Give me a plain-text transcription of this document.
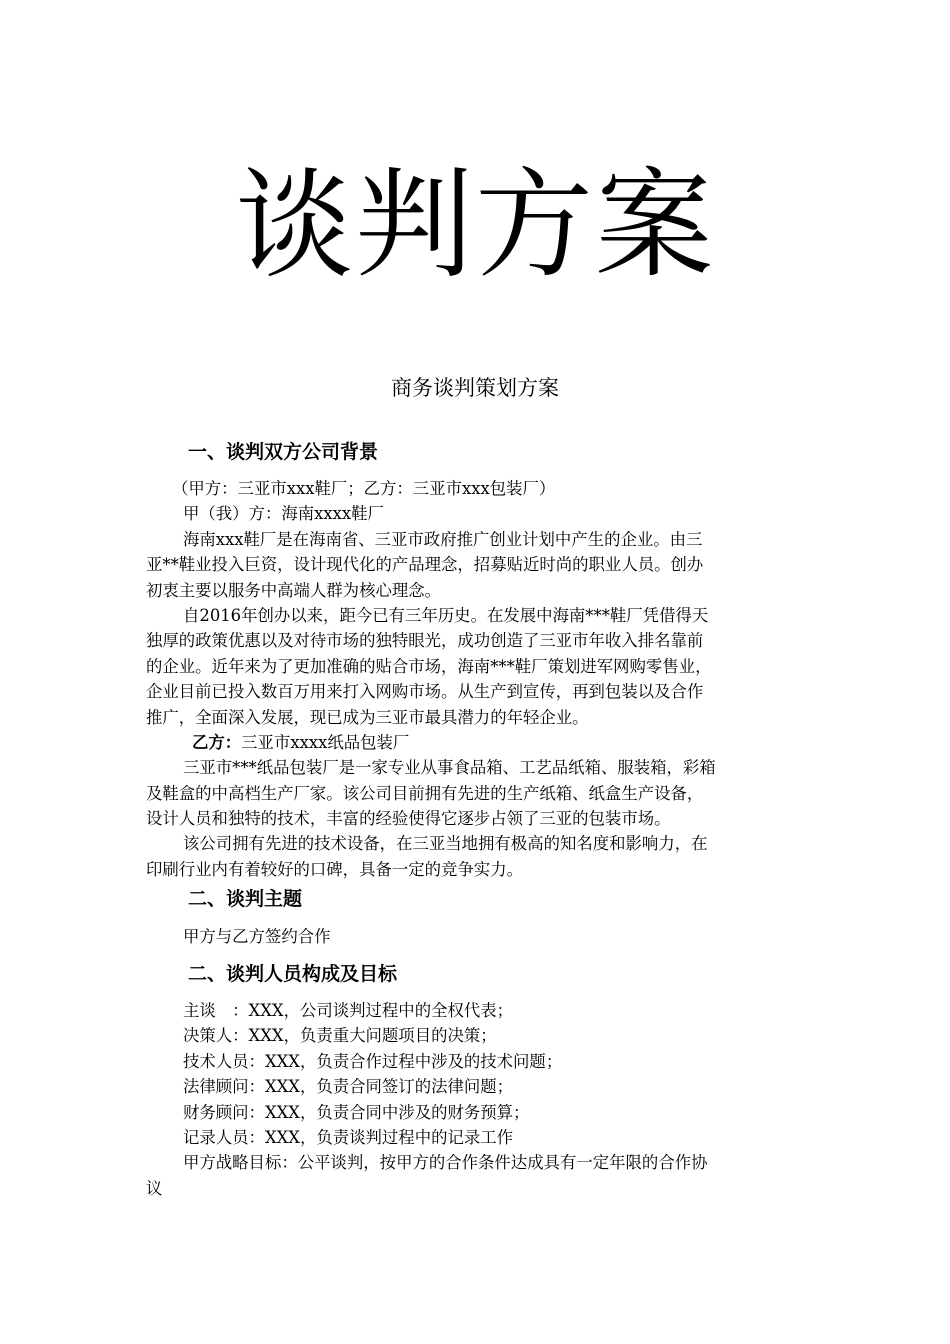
谈判方案
商务谈判策划方案
一、谈判双方公司背景
（甲方：三亚市xxx鞋厂；乙方：三亚市xxx包装厂）
甲（我）方：海南xxxx鞋厂
海南xxx鞋厂是在海南省、三亚市政府推广创业计划中产生的企业。由三
亚**鞋业投入巨资，设计现代化的产品理念，招募贴近时尚的职业人员。创办
初衷主要以服务中高端人群为核心理念。
自2016年创办以来，距今已有三年历史。在发展中海南***鞋厂凭借得天
独厚的政策优惠以及对待市场的独特眼光，成功创造了三亚市年收入排名靠前
的企业。近年来为了更加准确的贴合市场，海南***鞋厂策划进军网购零售业，
企业目前已投入数百万用来打入网购市场。从生产到宣传，再到包装以及合作
推广，全面深入发展，现已成为三亚市最具潜力的年轻企业。
乙方：三亚市xxxx纸品包装厂
三亚市***纸品包装厂是一家专业从事食品箱、工艺品纸箱、服装箱，彩箱
及鞋盒的中高档生产厂家。该公司目前拥有先进的生产纸箱、纸盒生产设备，
设计人员和独特的技术，丰富的经验使得它逐步占领了三亚的包装市场。
该公司拥有先进的技术设备，在三亚当地拥有极高的知名度和影响力，在
印刷行业内有着较好的口碑，具备一定的竞争实力。
二、谈判主题
甲方与乙方签约合作
二、谈判人员构成及目标
主谈　：XXX，公司谈判过程中的全权代表；
决策人：XXX，负责重大问题项目的决策；
技术人员：XXX，负责合作过程中涉及的技术问题；
法律顾问：XXX，负责合同签订的法律问题；
财务顾问：XXX，负责合同中涉及的财务预算；
记录人员：XXX，负责谈判过程中的记录工作
甲方战略目标：公平谈判，按甲方的合作条件达成具有一定年限的合作协
议
